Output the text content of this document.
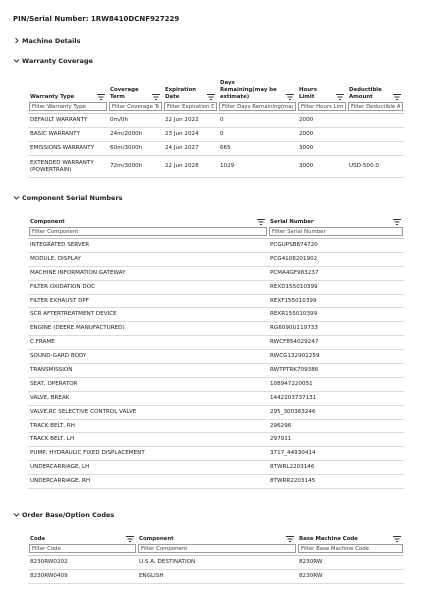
PIN/Serial Number: 1RW8410DCNF927229
Machine Details
Warranty Coverage
Warranty Type	Coverage Term	Expiration Date	Days Remaining(may be estimate)	Hours Limit	Deductible Amount

Filter Warranty Type	Filter Coverage Term	Filter Expiration Date	Filter Days Remaining(may be estimate)	Filter Hours Limit	Filter Deductible Amount
DEFAULT WARRANTY	0m/0h	22 Jun 2022	0	2000	
BASIC WARRANTY	24m/2000h	23 Jun 2024	0	2000	
EMISSIONS WARRANTY	60m/3000h	24 Jun 2027	665	3000	
EXTENDED WARRANTY (POWERTRAIN)	72m/3000h	22 Jun 2028	1029	3000	USD-500.0
Component Serial Numbers
Component	Serial Number

Filter Component	Filter Serial Number
INTEGRATED SERVER	PCGUPSB874720
MODULE, DISPLAY	PCG4108201902
MACHINE INFORMATION GATEWAY	PCMA4GF983237
FILTER OXIDATION DOC	REXD155010399
FILTER EXHAUST DPF	REXF155010399
SCR AFTERTREATMENT DEVICE	REXR155010399
ENGINE (DEERE MANUFACTURED)	RG6090U119733
C FRAME	RWCF854029247
SOUND-GARD BODY	RWCG132901259
TRANSMISSION	RWTPTRK709386
SEAT, OPERATOR	108947220051
VALVE, BREAK	1442203737131
VALVE,RC SELECTIVE CONTROL VALVE	295_300363246
TRACK BELT, RH	296296
TRACK BELT, LH	297911
PUMP, HYDRAULIC FIXED DISPLACEMENT	3717_44930414
UNDERCARRIAGE, LH	8TWRL2203146
UNDERCARRIAGE, RH	8TWRR2203145
Order Base/Option Codes
Code	Component	Base Machine Code

Filter Code	Filter Component	Filter Base Machine Code
8230RW0202	U.S.A. DESTINATION	8230RW
8230RW0409	ENGLISH	8230RW
